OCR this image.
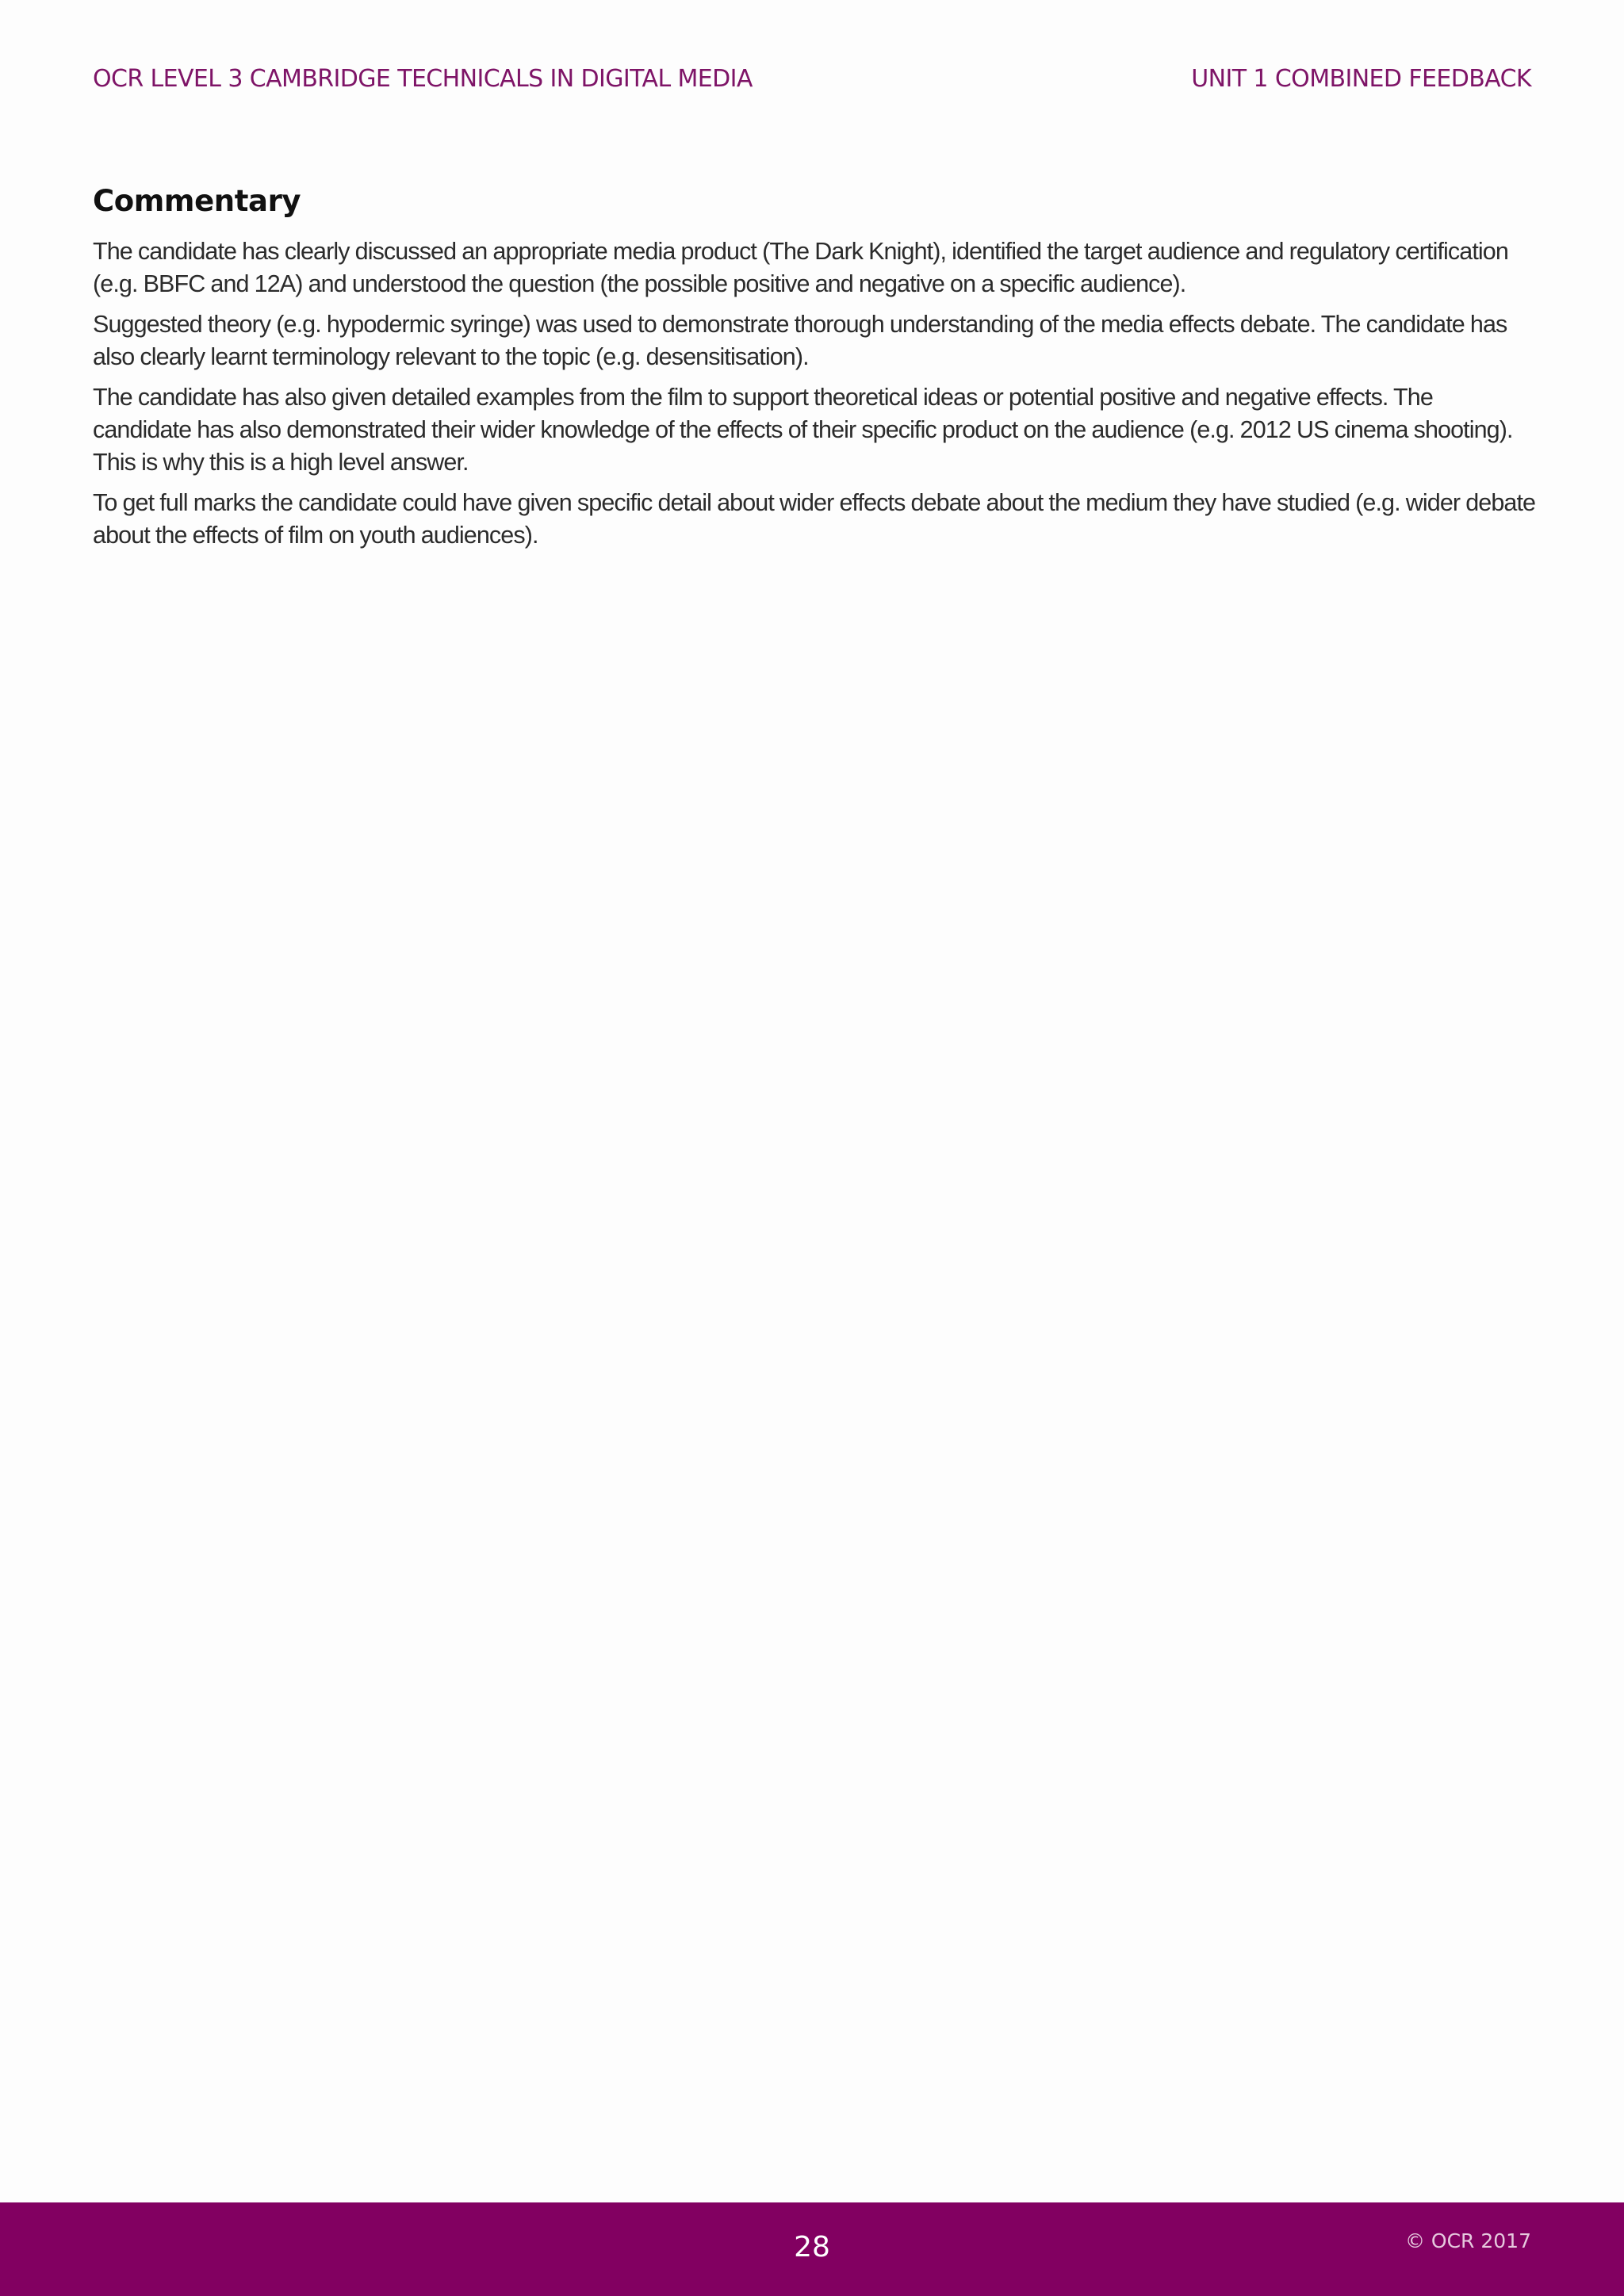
OCR LEVEL 3 CAMBRIDGE TECHNICALS IN DIGITAL MEDIA	UNIT 1 COMBINED FEEDBACK
Commentary

The candidate has clearly discussed an appropriate media product (The Dark Knight), identified the target audience and regulatory certification (e.g. BBFC and 12A) and understood the question (the possible positive and negative on a specific audience).

Suggested theory (e.g. hypodermic syringe) was used to demonstrate thorough understanding of the media effects debate. The candidate has also clearly learnt terminology relevant to the topic (e.g. desensitisation).

The candidate has also given detailed examples from the film to support theoretical ideas or potential positive and negative effects. The candidate has also demonstrated their wider knowledge of the effects of their specific product on the audience (e.g. 2012 US cinema shooting). This is why this is a high level answer.

To get full marks the candidate could have given specific detail about wider effects debate about the medium they have studied (e.g. wider debate about the effects of film on youth audiences).

28	© OCR 2017
